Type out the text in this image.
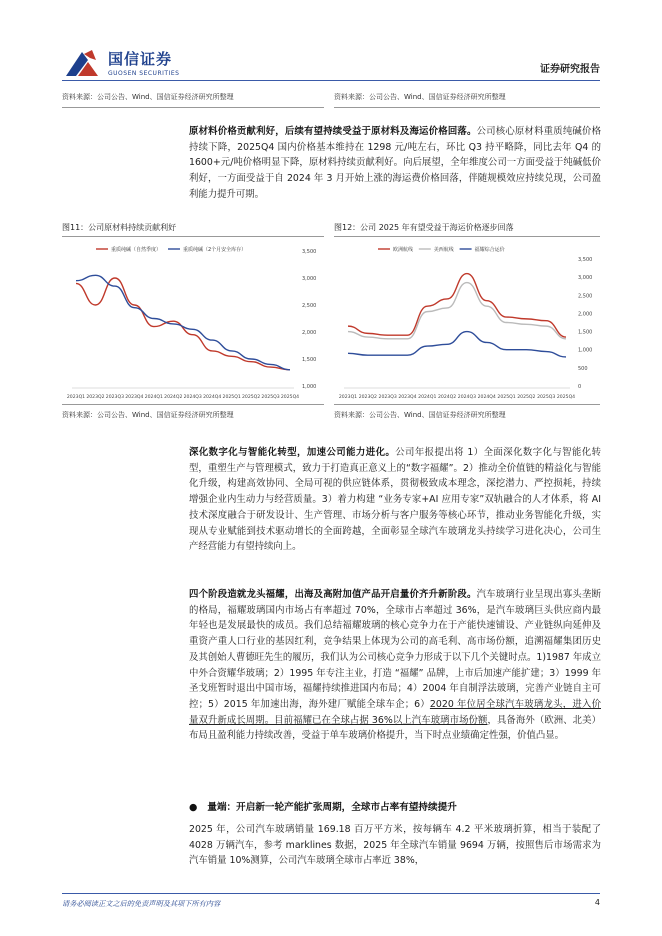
国信证券
GUOSEN SECURITIES	证券研究报告
资料来源：公司公告、Wind、国信证券经济研究所整理	资料来源：公司公告、Wind、国信证券经济研究所整理
原材料价格贡献利好，后续有望持续受益于原材料及海运价格回落。公司核心原材料重质纯碱价格持续下降，2025Q4 国内价格基本维持在 1298 元/吨左右，环比 Q3 持平略降，同比去年 Q4 的 1600+元/吨价格明显下降，原材料持续贡献利好。向后展望，全年维度公司一方面受益于纯碱低价利好，一方面受益于自 2024 年 3 月开始上涨的海运费价格回落，伴随规模效应持续兑现，公司盈利能力提升可期。
图11：公司原材料持续贡献利好	图12：公司 2025 年有望受益于海运价格逐步回落
3,500
3,000
2,500
2,000
1,500
1,000
2023Q1 2023Q2 2023Q3 2023Q4 2024Q1 2024Q2 2024Q3 2024Q4 2025Q1 2025Q2 2025Q3 2025Q4
重质纯碱（自然季度）	重质纯碱（2个月安全库存）
3,500
3,000
2,500
2,000
1,500
1,000
500
0
2023Q1 2023Q2 2023Q3 2023Q4 2024Q1 2024Q2 2024Q3 2024Q4 2025Q1 2025Q2 2025Q3 2025Q4
欧洲航线	美西航线	福耀综合运价
资料来源：公司公告、Wind、国信证券经济研究所整理	资料来源：公司公告、Wind、国信证券经济研究所整理
深化数字化与智能化转型，加速公司能力进化。公司年报提出将 1）全面深化数字化与智能化转型，重塑生产与管理模式，致力于打造真正意义上的“数字福耀”。2）推动全价值链的精益化与智能化升级，构建高效协同、全局可视的供应链体系，贯彻极致成本理念，深挖潜力、严控损耗，持续增强企业内生动力与经营质量。3）着力构建 “业务专家+AI 应用专家”双轨融合的人才体系，将 AI 技术深度融合于研发设计、生产管理、市场分析与客户服务等核心环节，推动业务智能化升级，实现从专业赋能到技术驱动增长的全面跨越，全面彰显全球汽车玻璃龙头持续学习进化决心，公司生产经营能力有望持续向上。
四个阶段造就龙头福耀，出海及高附加值产品开启量价齐升新阶段。汽车玻璃行业呈现出寡头垄断的格局，福耀玻璃国内市场占有率超过 70%，全球市占率超过 36%，是汽车玻璃巨头供应商内最年轻也是发展最快的成员。我们总结福耀玻璃的核心竞争力在于产能快速铺设、产业链纵向延伸及重资产重人口行业的基因红利，竞争结果上体现为公司的高毛利、高市场份额，追溯福耀集团历史及其创始人曹德旺先生的履历，我们认为公司核心竞争力形成于以下几个关键时点。1)1987 年成立中外合资耀华玻璃；2）1995 年专注主业，打造 “福耀” 品牌，上市后加速产能扩建；3）1999 年圣戈班暂时退出中国市场，福耀持续推进国内布局；4）2004 年自制浮法玻璃，完善产业链自主可控；5）2015 年加速出海，海外建厂赋能全球车企；6）2020 年位居全球汽车玻璃龙头，进入价量双升新成长周期。目前福耀已在全球占据 36%以上汽车玻璃市场份额，具备海外（欧洲、北美）布局且盈利能力持续改善，受益于单车玻璃价格提升，当下时点业绩确定性强，价值凸显。
● 量端：开启新一轮产能扩张周期，全球市占率有望持续提升
2025 年，公司汽车玻璃销量 169.18 百万平方米，按每辆车 4.2 平米玻璃折算，相当于装配了 4028 万辆汽车，参考 marklines 数据，2025 年全球汽车销量 9694 万辆，按照售后市场需求为汽车销量 10%测算，公司汽车玻璃全球市占率近 38%，
请务必阅读正文之后的免责声明及其项下所有内容	4
